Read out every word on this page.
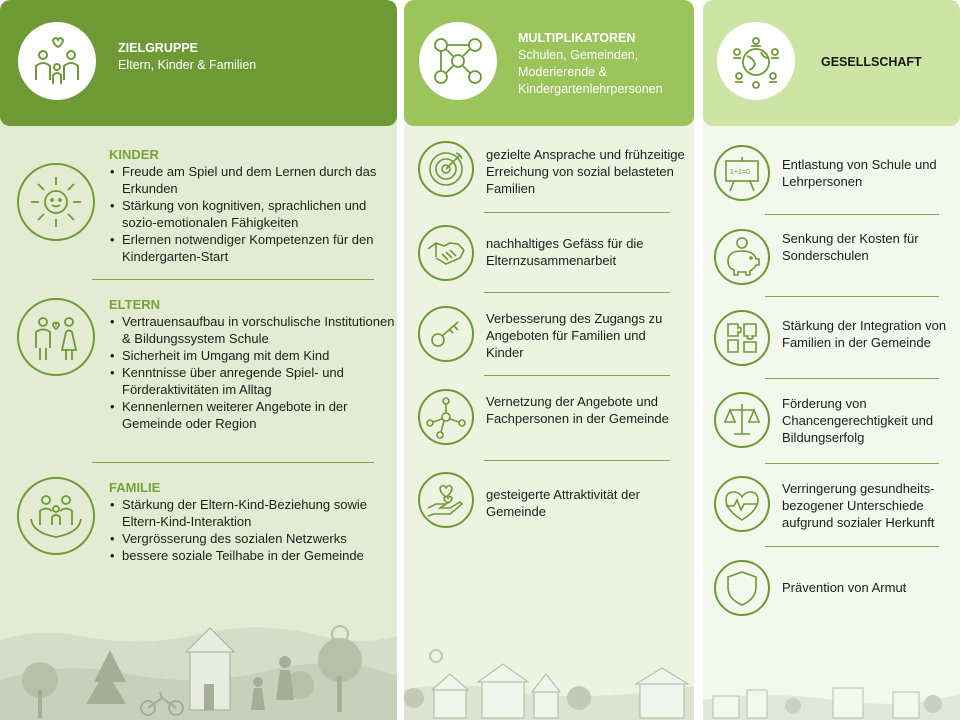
ZIELGRUPPE
Eltern, Kinder & Familien
KINDER
• Freude am Spiel und dem Lernen durch das Erkunden
• Stärkung von kognitiven, sprachlichen und sozio-emotionalen Fähigkeiten
• Erlernen notwendiger Kompetenzen für den Kindergarten-Start
ELTERN
• Vertrauensaufbau in vorschulische Institutionen & Bildungssystem Schule
• Sicherheit im Umgang mit dem Kind
• Kenntnisse über anregende Spiel- und Förderaktivitäten im Alltag
• Kennenlernen weiterer Angebote in der Gemeinde oder Region
FAMILIE
• Stärkung der Eltern-Kind-Beziehung sowie Eltern-Kind-Interaktion
• Vergrösserung des sozialen Netzwerks
• bessere soziale Teilhabe in der Gemeinde
MULTIPLIKATOREN
Schulen, Gemeinden, Moderierende & Kindergartenlehrpersonen
gezielte Ansprache und frühzeitige Erreichung von sozial belasteten Familien
nachhaltiges Gefäss für die Elternzusammenarbeit
Verbesserung des Zugangs zu Angeboten für Familien und Kinder
Vernetzung der Angebote und Fachpersonen in der Gemeinde
gesteigerte Attraktivität der Gemeinde
GESELLSCHAFT
1+1=0
Entlastung von Schule und Lehrpersonen
Senkung der Kosten für Sonderschulen
Stärkung der Integration von Familien in der Gemeinde
Förderung von Chancengerechtigkeit und Bildungserfolg
Verringerung gesundheits-bezogener Unterschiede aufgrund sozialer Herkunft
Prävention von Armut
